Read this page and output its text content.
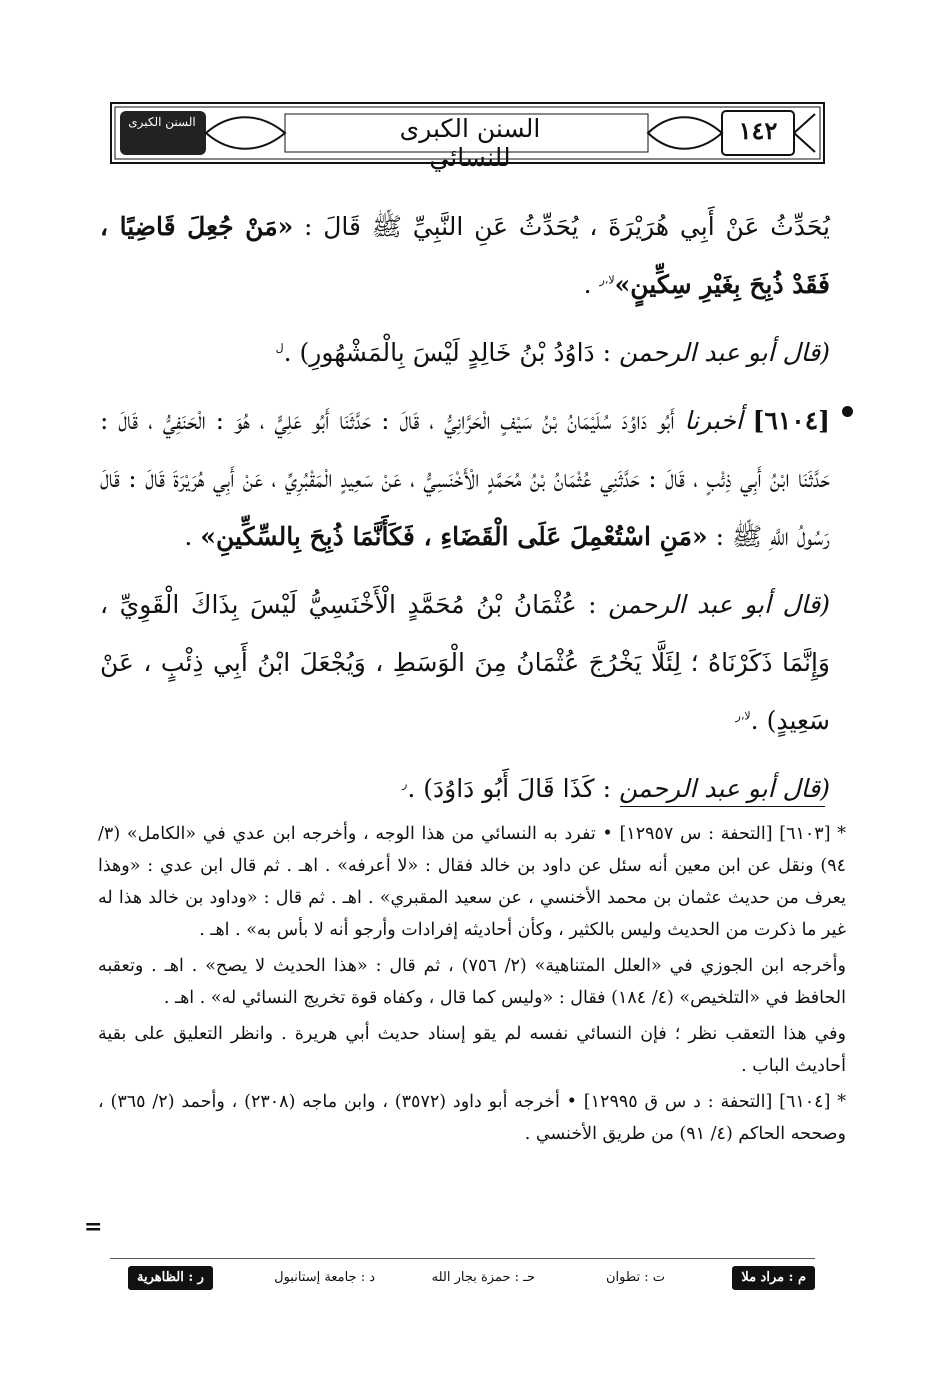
السنن الكبرى	السنن الكبرى للنسائي
١٤٢

يُحَدِّثُ عَنْ أَبِي هُرَيْرَةَ ، يُحَدِّثُ عَنِ النَّبِيِّ ﷺ قَالَ : «مَنْ جُعِلَ قَاضِيًا ، فَقَدْ ذُبِحَ بِغَيْرِ سِكِّينٍ»$^{لا،ر}$ .

(قال أبو عبد الرحمن : دَاوُدُ بْنُ خَالِدٍ لَيْسَ بِالْمَشْهُورِ) .$^ل$

[٦١٠٤] أخبرنا أَبُو دَاوُدَ سُلَيْمَانُ بْنُ سَيْفٍ الْحَرَّانِيُّ ، قَالَ : حَدَّثَنَا أَبُو عَلِيٍّ ، هُوَ : الْحَنَفِيُّ ، قَالَ : حَدَّثَنَا ابْنُ أَبِي ذِئْبٍ ، قَالَ : حَدَّثَنِي عُثْمَانُ بْنُ مُحَمَّدٍ الْأَخْنَسِيُّ ، عَنْ سَعِيدٍ الْمَقْبُرِيِّ ، عَنْ أَبِي هُرَيْرَةَ قَالَ : قَالَ رَسُولُ اللَّهِ ﷺ : «مَنِ اسْتُعْمِلَ عَلَى الْقَضَاءِ ، فَكَأَنَّمَا ذُبِحَ بِالسِّكِّينِ» .

(قال أبو عبد الرحمن : عُثْمَانُ بْنُ مُحَمَّدٍ الْأَخْنَسِيُّ لَيْسَ بِذَاكَ الْقَوِيِّ ، وَإِنَّمَا ذَكَرْنَاهُ ؛ لِئَلَّا يَخْرُجَ عُثْمَانُ مِنَ الْوَسَطِ ، وَيُجْعَلَ ابْنُ أَبِي ذِئْبٍ ، عَنْ سَعِيدٍ) .$^{لا،ر}$

(قال أبو عبد الرحمن : كَذَا قَالَ أَبُو دَاوُدَ) .$^ر$

* [٦١٠٣] [التحفة : س ١٢٩٥٧] • تفرد به النسائي من هذا الوجه ، وأخرجه ابن عدي في «الكامل» (٣/ ٩٤) ونقل عن ابن معين أنه سئل عن داود بن خالد فقال : «لا أعرفه» . اهـ . ثم قال ابن عدي : «وهذا يعرف من حديث عثمان بن محمد الأخنسي ، عن سعيد المقبري» . اهـ . ثم قال : «وداود بن خالد هذا له غير ما ذكرت من الحديث وليس بالكثير ، وكأن أحاديثه إفرادات وأرجو أنه لا بأس به» . اهـ .

وأخرجه ابن الجوزي في «العلل المتناهية» (٢/ ٧٥٦) ، ثم قال : «هذا الحديث لا يصح» . اهـ . وتعقبه الحافظ في «التلخيص» (٤/ ١٨٤) فقال : «وليس كما قال ، وكفاه قوة تخريج النسائي له» . اهـ .

وفي هذا التعقب نظر ؛ فإن النسائي نفسه لم يقو إسناد حديث أبي هريرة . وانظر التعليق على بقية أحاديث الباب .

* [٦١٠٤] [التحفة : د س ق ١٢٩٩٥] • أخرجه أبو داود (٣٥٧٢) ، وابن ماجه (٢٣٠٨) ، وأحمد (٢/ ٣٦٥) ، وصححه الحاكم (٤/ ٩١) من طريق الأخنسي .

=
م : مراد ملا
ت : تطوان
حـ : حمزة بجار الله
د : جامعة إستانبول
ر : الظاهرية
